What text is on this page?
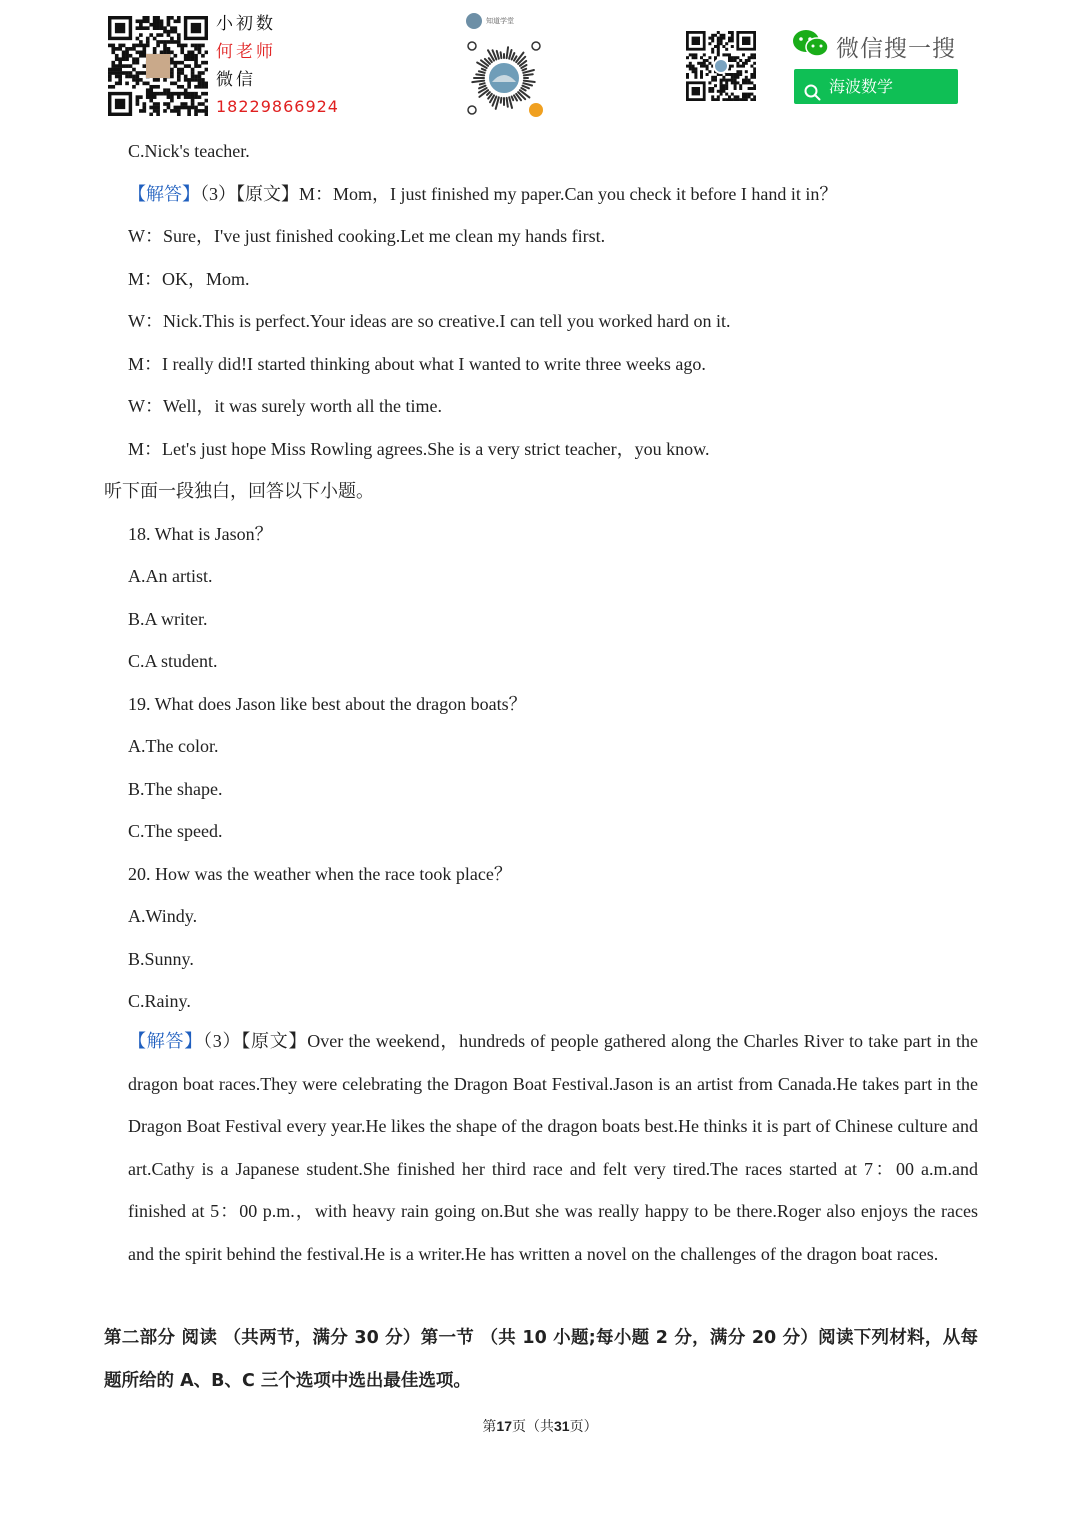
小初数
何老师
微信
18229866924
知道学堂
微信搜一搜
海波数学
C.Nick's teacher.
【解答】（3）【原文】M：Mom，I just finished my paper.Can you check it before I hand it in？
W：Sure，I've just finished cooking.Let me clean my hands first.
M：OK，Mom.
W：Nick.This is perfect.Your ideas are so creative.I can tell you worked hard on it.
M：I really did!I started thinking about what I wanted to write three weeks ago.
W：Well，it was surely worth all the time.
M：Let's just hope Miss Rowling agrees.She is a very strict teacher，you know.
听下面一段独白，回答以下小题。
18. What is Jason？
A.An artist.
B.A writer.
C.A student.
19. What does Jason like best about the dragon boats？
A.The color.
B.The shape.
C.The speed.
20. How was the weather when the race took place？
A.Windy.
B.Sunny.
C.Rainy.
【解答】（3）【原文】Over the weekend，hundreds of people gathered along the Charles River to take part in the dragon boat races.They were celebrating the Dragon Boat Festival.Jason is an artist from Canada.He takes part in the Dragon Boat Festival every year.He likes the shape of the dragon boats best.He thinks it is part of Chinese culture and art.Cathy is a Japanese student.She finished her third race and felt very tired.The races started at 7：00 a.m.and finished at 5：00 p.m.，with heavy rain going on.But she was really happy to be there.Roger also enjoys the races and the spirit behind the festival.He is a writer.He has written a novel on the challenges of the dragon boat races.
第二部分 阅读 （共两节，满分 30 分）第一节 （共 10 小题;每小题 2 分，满分 20 分）阅读下列材料，从每题所给的 A、B、C 三个选项中选出最佳选项。
第17页（共31页）
